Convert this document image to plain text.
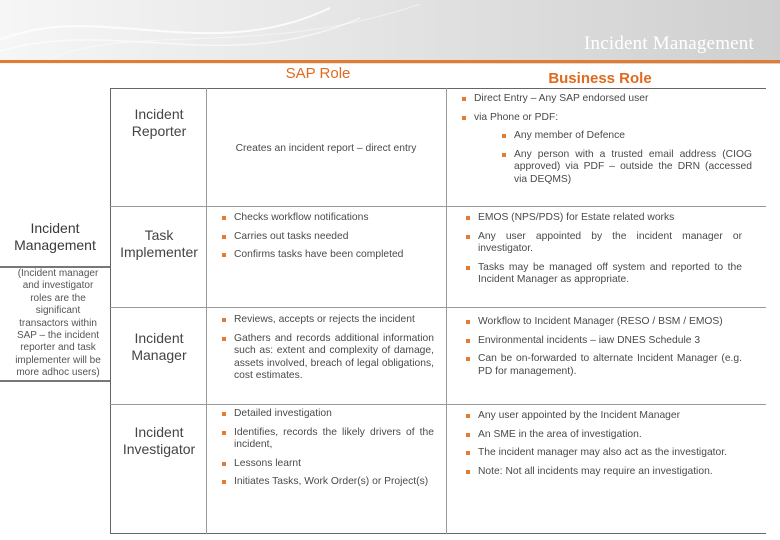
Incident Management
SAP Role	Business Role
Incident
Management
(Incident manager
and investigator
roles are the
significant
transactors within
SAP – the incident
reporter and task
implementer will be
more adhoc users)
Incident
Reporter
Creates an incident report – direct entry
Direct Entry – Any SAP endorsed user
via Phone or PDF:
Any member of Defence
Any person with a trusted email address (CIOG approved) via PDF – outside the DRN (accessed via DEQMS)
Task
Implementer
Checks workflow notifications
Carries out tasks needed
Confirms tasks have been completed
EMOS (NPS/PDS) for Estate related works
Any user appointed by the incident manager or investigator.
Tasks may be managed off system and reported to the Incident Manager as appropriate.
Incident
Manager
Reviews, accepts or rejects the incident
Gathers and records additional information such as: extent and complexity of damage, assets involved, breach of legal obligations, cost estimates.
Workflow to Incident Manager (RESO / BSM / EMOS)
Environmental incidents – iaw DNES Schedule 3
Can be on-forwarded to alternate Incident Manager (e.g. PD for management).
Incident
Investigator
Detailed investigation
Identifies, records the likely drivers of the incident,
Lessons learnt
Initiates Tasks, Work Order(s) or Project(s)
Any user appointed by the Incident Manager
An SME in the area of investigation.
The incident manager may also act as the investigator.
Note: Not all incidents may require an investigation.
